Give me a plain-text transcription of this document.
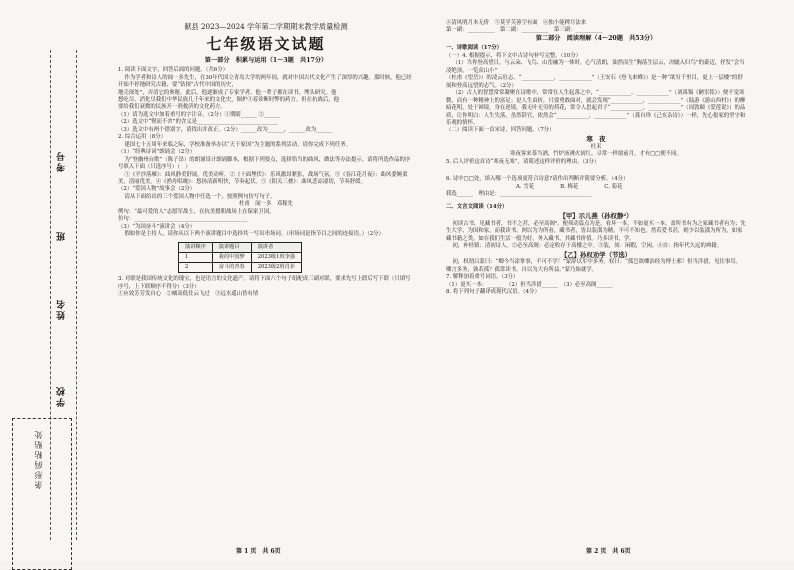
考号
班
姓名
学校
条形码粘贴处

献县 2023—2024 学年第二学期期末教学质量检测

七年级语文试题

第一部分　积累与运用（1～3题　共17分）

1. 阅读下面文字，回答后面的问题。（共6分）

作为学者和诗人的闻一多先生，在30年代国立青岛大学的两年间，就对中国古代文化产生了深厚的兴趣。那时候，他已经开始不停地研究古籍，要“钻探”古代中国的历史，

地壳深处”，弄清它的奥秘。此后，他逐渐成了专家学者。他一辈子都在读书、埋头研究。他

想吃尽、消化尽我们中华民族几千年来的文化史，铜炉③着诊断时弊的药方。但在抗战后，他

要给我们衰微的民族开一剂救济的文化药方。

（1）请为选文中加着重号的字注音。（2分）①期睛______ ②______

（2）选文中“锲而不舍”的含义是______________________________

（3）选文中有两个错别字，请找出并改正。（2分）______改为______，______改为______

2. 综合运用（8分）

建国七十五周年来临之际，学校准备举办以“天下家国”为主题的系列活动，请你完成下列任务。

（1）“经典诗词”朗诵会（2分）

为“登幽州台歌”（陈子昂）的朗诵设计朗诵脚本，根据下列要点，选择恰当的曲风、做法等办法提示。请将所选作品的序号填入下面（只选序号）（　）

①《平沙落雁》：曲风静美舒展，优美动听。②《十面埋伏》：乐风激昂紧张，战场气氛。③《春江花月夜》：曲风委婉柔美，清丽优美。④《渔舟唱晚》：悠扬清新明快，节奏起伏。⑤《阳关三叠》：曲风悲凉凄切，节奏舒缓。

（2）“爱国人物”故事会（2分）

请从下面给出的三个爱国人物中任选一个，按照例句仿写句子。

杜甫　闻一多　邓稼先

例句：“最可爱的人”志愿军战士，在抗美援朝战场上在保家卫国。

仿句：__________________________________________

（3）“为国奋斗”演讲会（4分）

假如你是主持人，请你从以下两个演讲题目中选择其一写出串场词。（串场词是指节目之间的连接语。）（2分）

演讲顺序	演讲题目	演讲者
1	我的中国梦	2023级1班李强
2	奋斗的青春	2023级2班肖菲

3. 对联是我国传统文化的瑰宝，也是语言的文化遗产。请将下面六个句子组配成三副对联，要求先写上联后写下联（只填写序号，上下联顺序不得分）（3分）

①应效芳芳发自心　②橘高低住云飞过　③远水遥山皆有情

第 1 页　共 6页

④清风明月本无价　⑤莫学芙蓉空有面　⑥独小能稗月法来

第一副：__________　第二副：__________　第三副：__________

第二部分　阅读理解（4～20题　共53分）

一、诗歌阅读（17分）

（一）4. 根据提示，将下文中古诗句补写完整。（10分）

（1）当你登高望日，与云朵、飞鸟、山峦融为一体时，心气清朗，油然而生“胸荡生层云，决眦入归鸟”的豪迈，抒发“会当凌绝顶，一览众山小”

（杜甫《望岳》）的凌云壮志。“____________，____________”（王安石《登飞来峰》）是一种“欲穷千里目，更上一层楼”的舒展和登高远望的志气。（2分）

（2）古人的智慧常常凝聚在诗歌中，常常在人生起落之中，“____________，____________”（刘禹锡《陋室铭》）便不觉寒微，而有一种精神上的富足；是人生由折，只要勇敢面对，就会发现“____________，____________”（陆游《游山西村》）的柳暗花明，处于困境，身在逆境，我无叶无穷的荷花，常令人思起君子“____________，____________”（周敦颐《爱莲说》）的品质，让你明白：人生失落，虽然辞官，依然会“____________，____________”（龚自珍《己亥杂诗》）一样，先心报家的坚守和乐观的情怀。

（二）阅读下面一首宋诗，回答问题。（7分）

寒　夜

杜耒

寒夜客来茶当酒，竹炉汤沸火初红。寻常一样窗前月，才有□□便不同。

5. 后人评价这首诗“寒夜无寒”，请简述这样评价的理由。（3分）

6. 诗中□□处，填入哪一个选项更符合诗意?请作出判断并简要分析。（4分）

A. 雪花	B. 梅花	C. 菊花

我选______　理由是：__________________________________

二、文言文阅读（14分）

【甲】示儿燕（孙权静²）

初读古书，见藏书者，书不之甚，必至高阁³。便须动篇点为是，看坏一本，不如更买一本。盖所书有为之家藏书者有为；先生大学、为国和家，而我读书，则以为为所看，藏书者，皆以装潢为精，不可不知也。然若爱书甚，则少以装潢为所为，如家藏书籍之类，如在我们生活一般为好，务入藏书，其藏书价值。乃多读书，学。

初，补桂镇：清初诗人。②必至高阁：必定收存于高楼之中。③装，间：闲暇，空闲。④自：指年代久远的典籍。

【乙】孙权劝学（节选）

初，权谓吕蒙曰：“卿今当涂掌事，不可不学！”蒙辞以军中多务。权曰：“孤岂欲卿治经为博士邪！但当涉猎，见往事耳。卿言多务，孰若孤？孤常读书，自以为大有所益。”蒙乃始就学。

7. 解释加着重号词语。（3分）

（1）更买一本：______　（2）但当涉猎______　（3）必至高阁______

8. 将下列句子翻译成现代汉语。（4分）

第 2 页　共 6页
